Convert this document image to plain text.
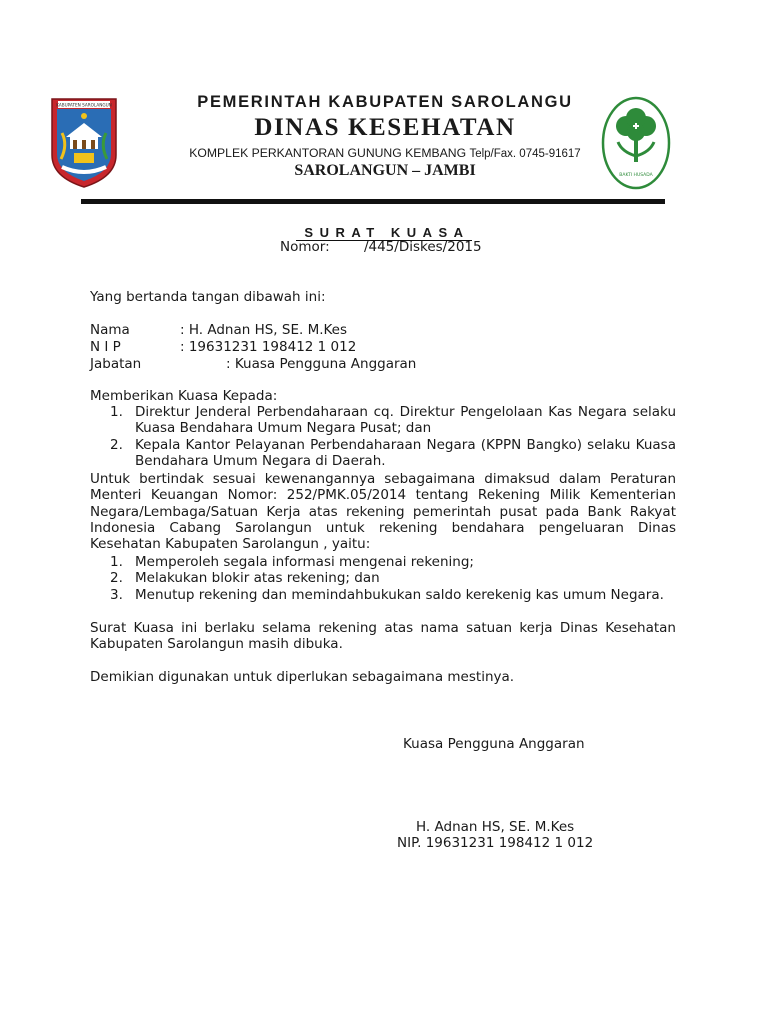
KABUPATEN SAROLANGUN	PEMERINTAH KABUPATEN SAROLANGU
DINAS KESEHATAN
KOMPLEK PERKANTORAN GUNUNG KEMBANG Telp/Fax. 0745-91617
SAROLANGUN – JAMBI	BAKTI HUSADA
SURAT KUASA
Nomor:        /445/Diskes/2015
Yang bertanda tangan dibawah ini:
Nama	: H. Adnan HS, SE. M.Kes
N I P	: 19631231 198412 1 012
Jabatan	: Kuasa Pengguna Anggaran
Memberikan Kuasa Kepada:
1. Direktur Jenderal Perbendaharaan cq. Direktur Pengelolaan Kas Negara selaku Kuasa Bendahara Umum Negara Pusat; dan

2. Kepala Kantor Pelayanan Perbendaharaan Negara (KPPN Bangko) selaku Kuasa Bendahara Umum Negara di Daerah.

Untuk bertindak sesuai kewenangannya sebagaimana dimaksud dalam Peraturan Menteri Keuangan Nomor: 252/PMK.05/2014 tentang Rekening Milik Kementerian Negara/Lembaga/Satuan Kerja atas rekening pemerintah pusat pada Bank Rakyat Indonesia Cabang Sarolangun untuk rekening bendahara pengeluaran Dinas Kesehatan Kabupaten Sarolangun , yaitu:

1. Memperoleh segala informasi mengenai rekening;

2. Melakukan blokir atas rekening; dan

3. Menutup rekening dan memindahbukukan saldo kerekenig kas umum Negara.

Surat Kuasa ini berlaku selama rekening atas nama satuan kerja Dinas Kesehatan Kabupaten Sarolangun masih dibuka.

Demikian digunakan untuk diperlukan sebagaimana mestinya.
Kuasa Pengguna Anggaran
H. Adnan HS, SE. M.Kes
NIP. 19631231 198412 1 012
